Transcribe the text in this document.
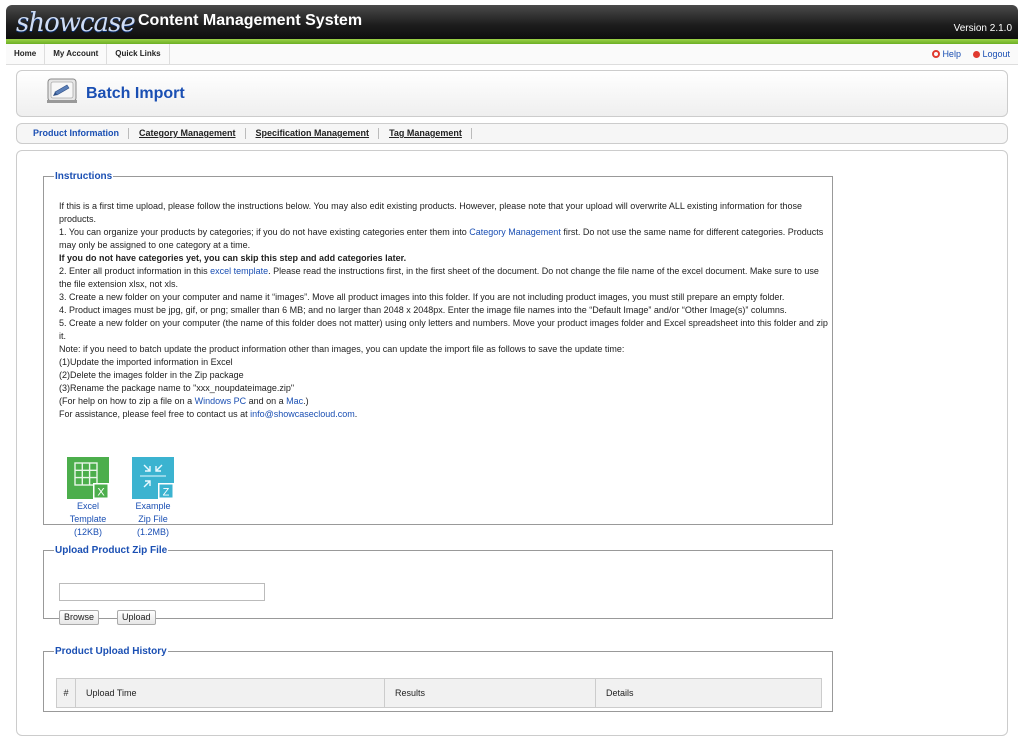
showcase Content Management System	Version 2.1.0
Home	My Account	Quick Links	Help Logout
Batch Import
Product Information	Category Management	Specification Management	Tag Management
Instructions
If this is a first time upload, please follow the instructions below. You may also edit existing products. However, please note that your upload will overwrite ALL existing information for those products.
1. You can organize your products by categories; if you do not have existing categories enter them into Category Management first. Do not use the same name for different categories. Products may only be assigned to one category at a time.
If you do not have categories yet, you can skip this step and add categories later.
2. Enter all product information in this excel template. Please read the instructions first, in the first sheet of the document. Do not change the file name of the excel document. Make sure to use the file extension xlsx, not xls.
3. Create a new folder on your computer and name it “images”. Move all product images into this folder. If you are not including product images, you must still prepare an empty folder.
4. Product images must be jpg, gif, or png; smaller than 6 MB; and no larger than 2048 x 2048px. Enter the image file names into the “Default Image” and/or “Other Image(s)” columns.
5. Create a new folder on your computer (the name of this folder does not matter) using only letters and numbers. Move your product images folder and Excel spreadsheet into this folder and zip it.
Note: if you need to batch update the product information other than images, you can update the import file as follows to save the update time:
(1)Update the imported information in Excel
(2)Delete the images folder in the Zip package
(3)Rename the package name to "xxx_noupdateimage.zip"
(For help on how to zip a file on a Windows PC and on a Mac.)
For assistance, please feel free to contact us at info@showcasecloud.com.
X
Excel
Template
(12KB)
Z
Example
Zip File
(1.2MB)
Upload Product Zip File
Browse	Upload
Product Upload History
#	Upload Time	Results	Details
